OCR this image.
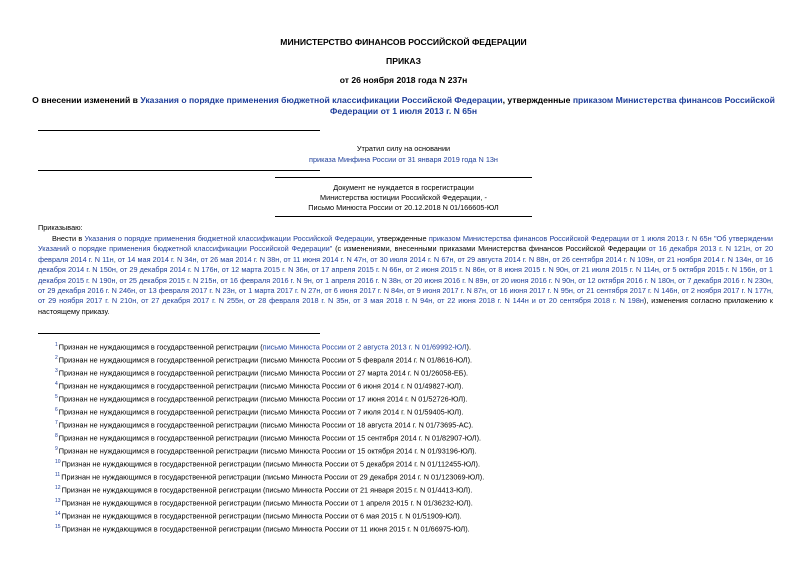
МИНИСТЕРСТВО ФИНАНСОВ РОССИЙСКОЙ ФЕДЕРАЦИИ
ПРИКАЗ
от 26 ноября 2018 года N 237н
О внесении изменений в Указания о порядке применения бюджетной классификации Российской Федерации, утвержденные приказом Министерства финансов Российской Федерации от 1 июля 2013 г. N 65н
Утратил силу на основании
приказа Минфина России от 31 января 2019 года N 13н
Документ не нуждается в госрегистрации
Министерства юстиции Российской Федерации, -
Письмо Минюста России от 20.12.2018 N 01/166605-ЮЛ
Приказываю:
Внести в Указания о порядке применения бюджетной классификации Российской Федерации, утвержденные приказом Министерства финансов Российской Федерации от 1 июля 2013 г. N 65н "Об утверждении Указаний о порядке применения бюджетной классификации Российской Федерации" (с изменениями, внесенными приказами Министерства финансов Российской Федерации от 16 декабря 2013 г. N 121н, от 20 февраля 2014 г. N 11н, от 14 мая 2014 г. N 34н, от 26 мая 2014 г. N 38н, от 11 июня 2014 г. N 47н, от 30 июля 2014 г. N 67н, от 29 августа 2014 г. N 88н, от 26 сентября 2014 г. N 109н, от 21 ноября 2014 г. N 134н, от 16 декабря 2014 г. N 150н, от 29 декабря 2014 г. N 176н, от 12 марта 2015 г. N 36н, от 17 апреля 2015 г. N 66н, от 2 июня 2015 г. N 86н, от 8 июня 2015 г. N 90н, от 21 июля 2015 г. N 114н, от 5 октября 2015 г. N 156н, от 1 декабря 2015 г. N 190н, от 25 декабря 2015 г. N 215н, от 16 февраля 2016 г. N 9н, от 1 апреля 2016 г. N 38н, от 20 июня 2016 г. N 89н, от 20 июня 2016 г. N 90н, от 12 октября 2016 г. N 180н, от 7 декабря 2016 г. N 230н, от 29 декабря 2016 г. N 246н, от 13 февраля 2017 г. N 23н, от 1 марта 2017 г. N 27н, от 6 июня 2017 г. N 84н, от 9 июня 2017 г. N 87н, от 16 июня 2017 г. N 95н, от 21 сентября 2017 г. N 146н, от 2 ноября 2017 г. N 177н, от 29 ноября 2017 г. N 210н, от 27 декабря 2017 г. N 255н, от 28 февраля 2018 г. N 35н, от 3 мая 2018 г. N 94н, от 22 июня 2018 г. N 144н и от 20 сентября 2018 г. N 198н), изменения согласно приложению к настоящему приказу.
$^1$Признан не нуждающимся в государственной регистрации (письмо Минюста России от 2 августа 2013 г. N 01/69992-ЮЛ).
$^2$Признан не нуждающимся в государственной регистрации (письмо Минюста России от 5 февраля 2014 г. N 01/8616-ЮЛ).
$^3$Признан не нуждающимся в государственной регистрации (письмо Минюста России от 27 марта 2014 г. N 01/26058-ЕБ).
$^4$Признан не нуждающимся в государственной регистрации (письмо Минюста России от 6 июня 2014 г. N 01/49827-ЮЛ).
$^5$Признан не нуждающимся в государственной регистрации (письмо Минюста России от 17 июня 2014 г. N 01/52726-ЮЛ).
$^6$Признан не нуждающимся в государственной регистрации (письмо Минюста России от 7 июля 2014 г. N 01/59405-ЮЛ).
$^7$Признан не нуждающимся в государственной регистрации (письмо Минюста России от 18 августа 2014 г. N 01/73695-АС).
$^8$Признан не нуждающимся в государственной регистрации (письмо Минюста России от 15 сентября 2014 г. N 01/82907-ЮЛ).
$^9$Признан не нуждающимся в государственной регистрации (письмо Минюста России от 15 октября 2014 г. N 01/93196-ЮЛ).
$^{10}$Признан не нуждающимся в государственной регистрации (письмо Минюста России от 5 декабря 2014 г. N 01/112455-ЮЛ).
$^{11}$Признан не нуждающимся в государственной регистрации (письмо Минюста России от 29 декабря 2014 г. N 01/123069-ЮЛ).
$^{12}$Признан не нуждающимся в государственной регистрации (письмо Минюста России от 21 января 2015 г. N 01/4413-ЮЛ).
$^{13}$Признан не нуждающимся в государственной регистрации (письмо Минюста России от 1 апреля 2015 г. N 01/36232-ЮЛ).
$^{14}$Признан не нуждающимся в государственной регистрации (письмо Минюста России от 6 мая 2015 г. N 01/51909-ЮЛ).
$^{15}$Признан не нуждающимся в государственной регистрации (письмо Минюста России от 11 июня 2015 г. N 01/66975-ЮЛ).
